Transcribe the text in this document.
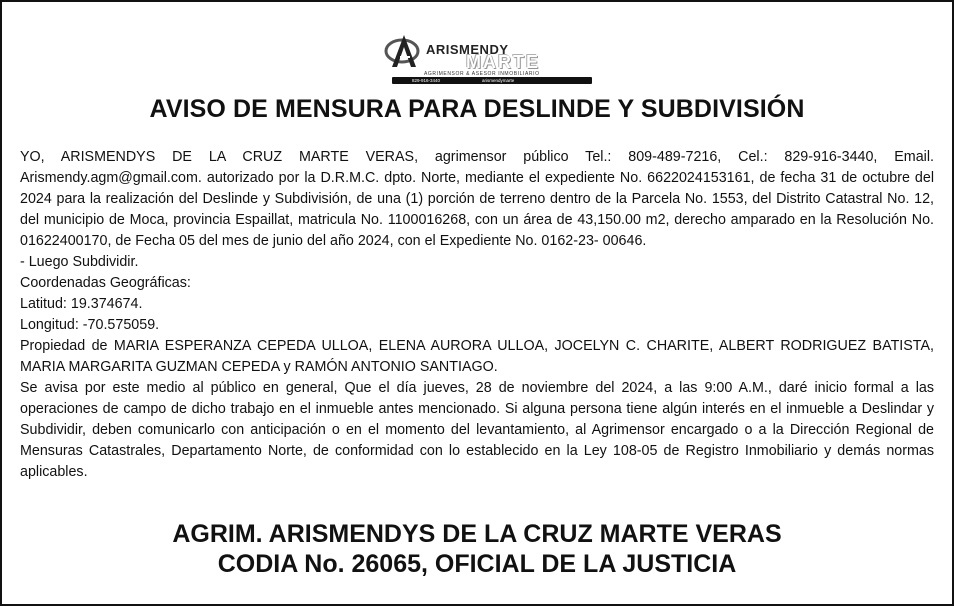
ARISMENDY
MARTE
AGRIMENSOR & ASESOR INMOBILIARIO
829-916-3440	arismendymarte
AVISO DE MENSURA PARA DESLINDE Y SUBDIVISIÓN

YO, ARISMENDYS DE LA CRUZ MARTE VERAS, agrimensor público Tel.: 809-489-7216, Cel.: 829-916-3440, Email. Arismendy.agm@gmail.com. autorizado por la D.R.M.C. dpto. Norte, mediante el expediente No. 6622024153161, de fecha 31 de octubre del 2024 para la realización del Deslinde y Subdivisión, de una (1) porción de terreno dentro de la Parcela No. 1553, del Distrito Catastral No. 12, del municipio de Moca, provincia Espaillat, matricula No. 1100016268, con un área de 43,150.00 m2, derecho amparado en la Resolución No. 01622400170, de Fecha 05 del mes de junio del año 2024, con el Expediente No. 0162-23- 00646.

- Luego Subdividir.

Coordenadas Geográficas:

Latitud: 19.374674.

Longitud: -70.575059.

Propiedad de MARIA ESPERANZA CEPEDA ULLOA, ELENA AURORA ULLOA, JOCELYN C. CHARITE, ALBERT RODRIGUEZ BATISTA, MARIA MARGARITA GUZMAN CEPEDA y RAMÓN ANTONIO SANTIAGO.

Se avisa por este medio al público en general, Que el día jueves, 28 de noviembre del 2024, a las 9:00 A.M., daré inicio formal a las operaciones de campo de dicho trabajo en el inmueble antes mencionado. Si alguna persona tiene algún interés en el inmueble a Deslindar y Subdividir, deben comunicarlo con anticipación o en el momento del levantamiento, al Agrimensor encargado o a la Dirección Regional de Mensuras Catastrales, Departamento Norte, de conformidad con lo establecido en la Ley 108-05 de Registro Inmobiliario y demás normas aplicables.

AGRIM. ARISMENDYS DE LA CRUZ MARTE VERAS
CODIA No. 26065, OFICIAL DE LA JUSTICIA
